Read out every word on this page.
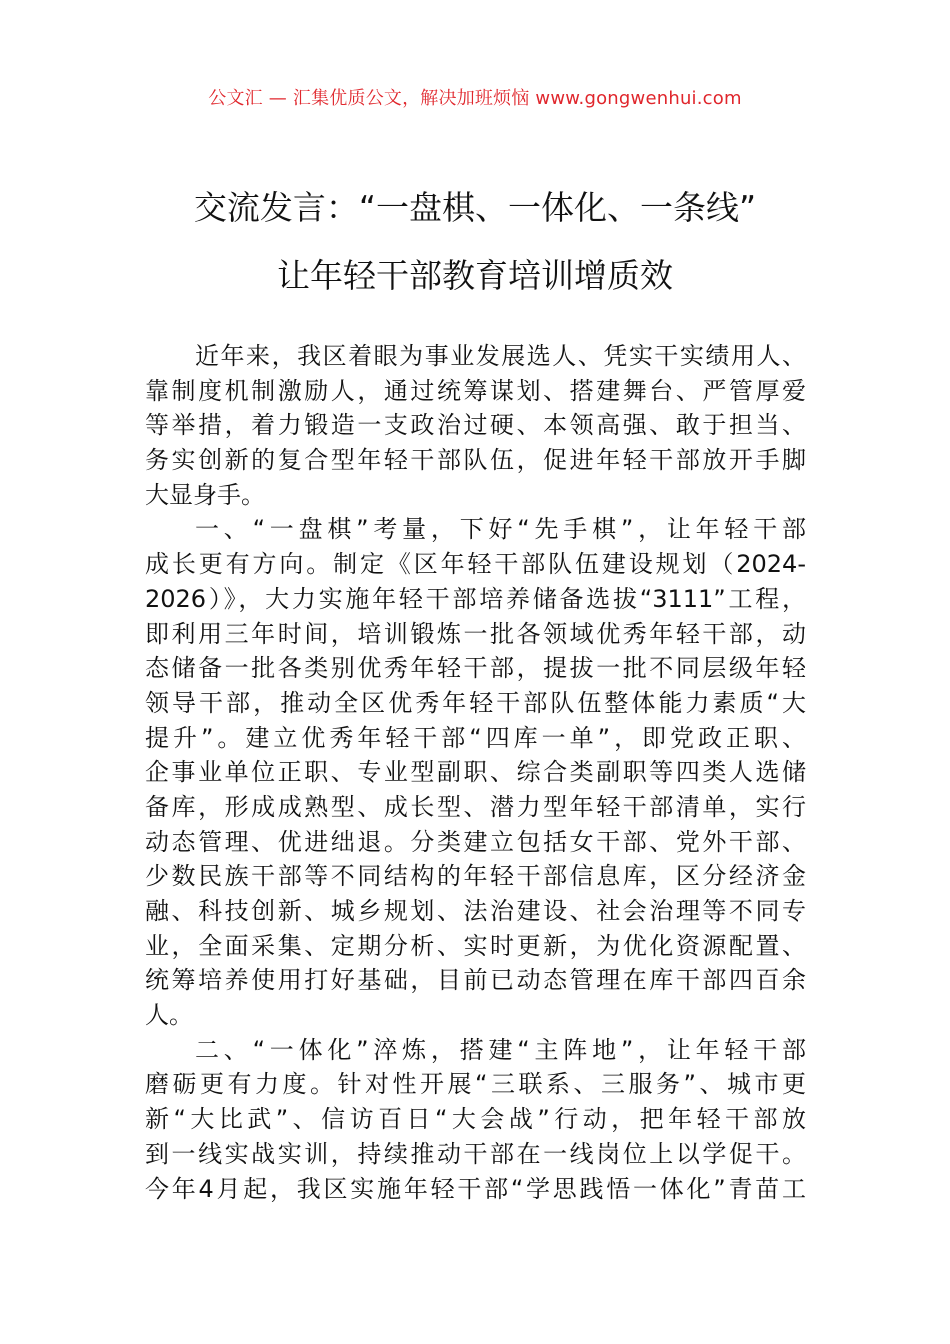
公文汇 — 汇集优质公文，解决加班烦恼 www.gongwenhui.com
交流发言：“一盘棋、一体化、一条线”
让年轻干部教育培训增质效
近年来，我区着眼为事业发展选人、凭实干实绩用人、
靠制度机制激励人，通过统筹谋划、搭建舞台、严管厚爱
等举措，着力锻造一支政治过硬、本领高强、敢于担当、
务实创新的复合型年轻干部队伍，促进年轻干部放开手脚
大显身手。
一、“一盘棋”考量，下好“先手棋”，让年轻干部
成长更有方向。制定《区年轻干部队伍建设规划（2024-
2026）》，大力实施年轻干部培养储备选拔“3111”工程，
即利用三年时间，培训锻炼一批各领域优秀年轻干部，动
态储备一批各类别优秀年轻干部，提拔一批不同层级年轻
领导干部，推动全区优秀年轻干部队伍整体能力素质“大
提升”。建立优秀年轻干部“四库一单”，即党政正职、
企事业单位正职、专业型副职、综合类副职等四类人选储
备库，形成成熟型、成长型、潜力型年轻干部清单，实行
动态管理、优进绌退。分类建立包括女干部、党外干部、
少数民族干部等不同结构的年轻干部信息库，区分经济金
融、科技创新、城乡规划、法治建设、社会治理等不同专
业，全面采集、定期分析、实时更新，为优化资源配置、
统筹培养使用打好基础，目前已动态管理在库干部四百余
人。
二、“一体化”淬炼，搭建“主阵地”，让年轻干部
磨砺更有力度。针对性开展“三联系、三服务”、城市更
新“大比武”、信访百日“大会战”行动，把年轻干部放
到一线实战实训，持续推动干部在一线岗位上以学促干。
今年4月起，我区实施年轻干部“学思践悟一体化”青苗工
